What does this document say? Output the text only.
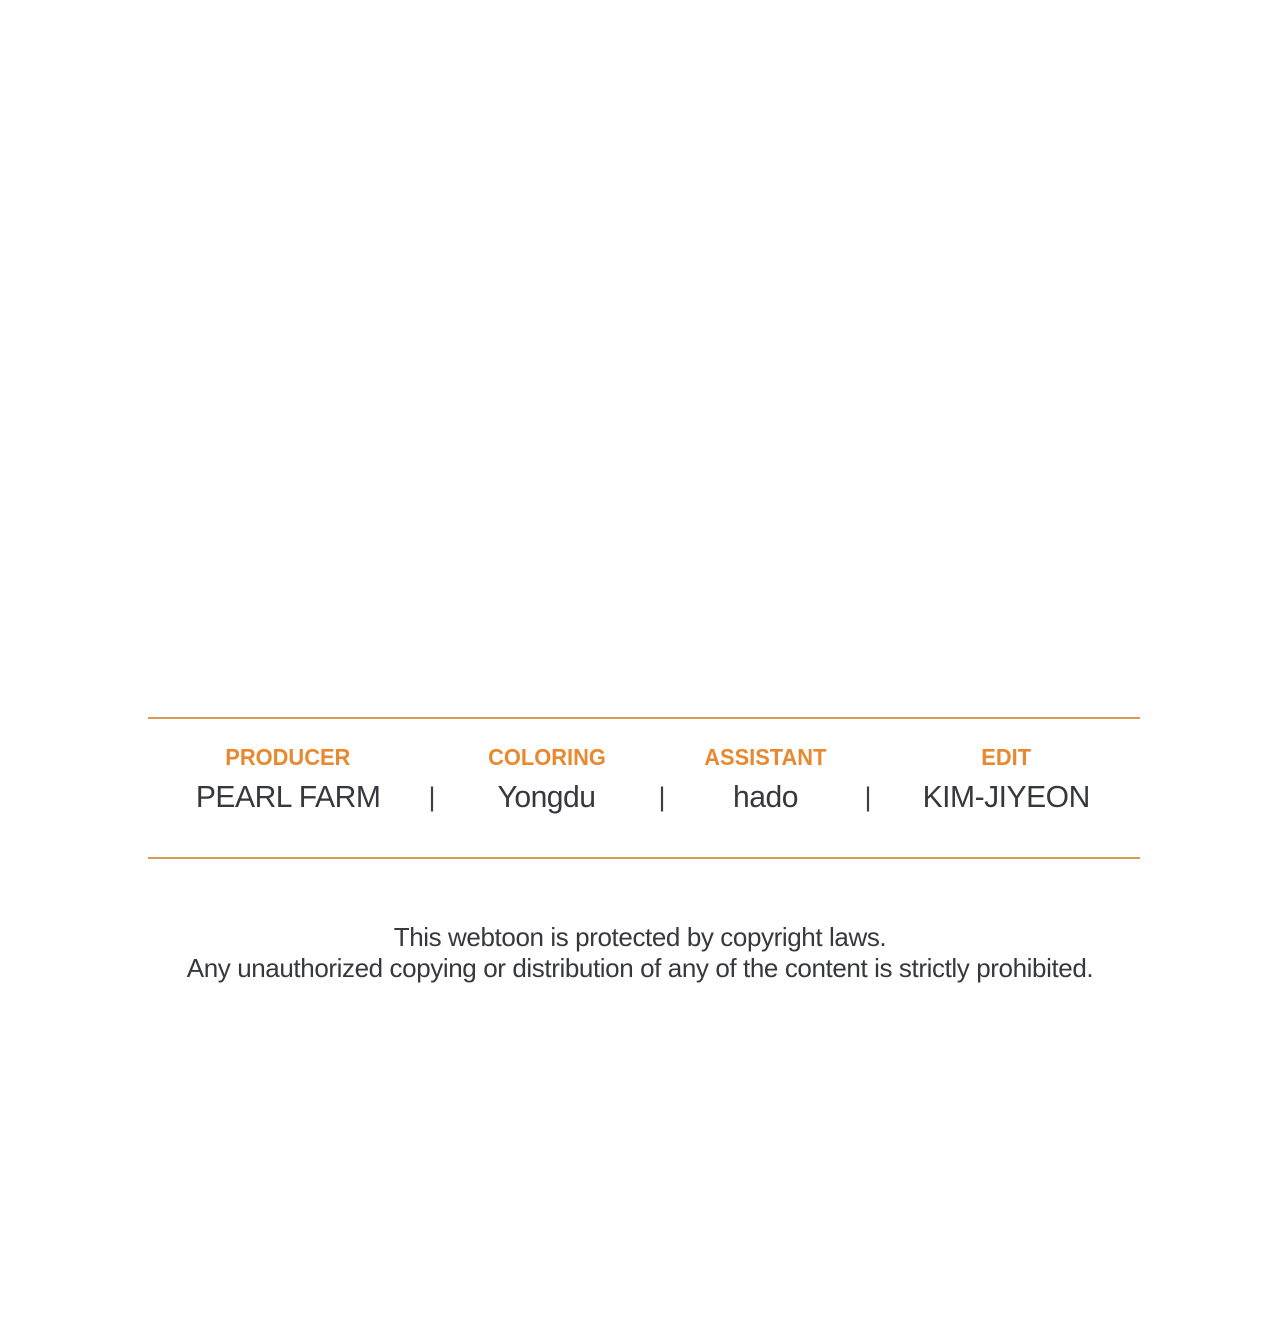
PRODUCER
PEARL FARM |
COLORING
Yongdu |
ASSISTANT
hado |
EDIT
KIM-JIYEON
This webtoon is protected by copyright laws.
Any unauthorized copying or distribution of any of the content is strictly prohibited.
